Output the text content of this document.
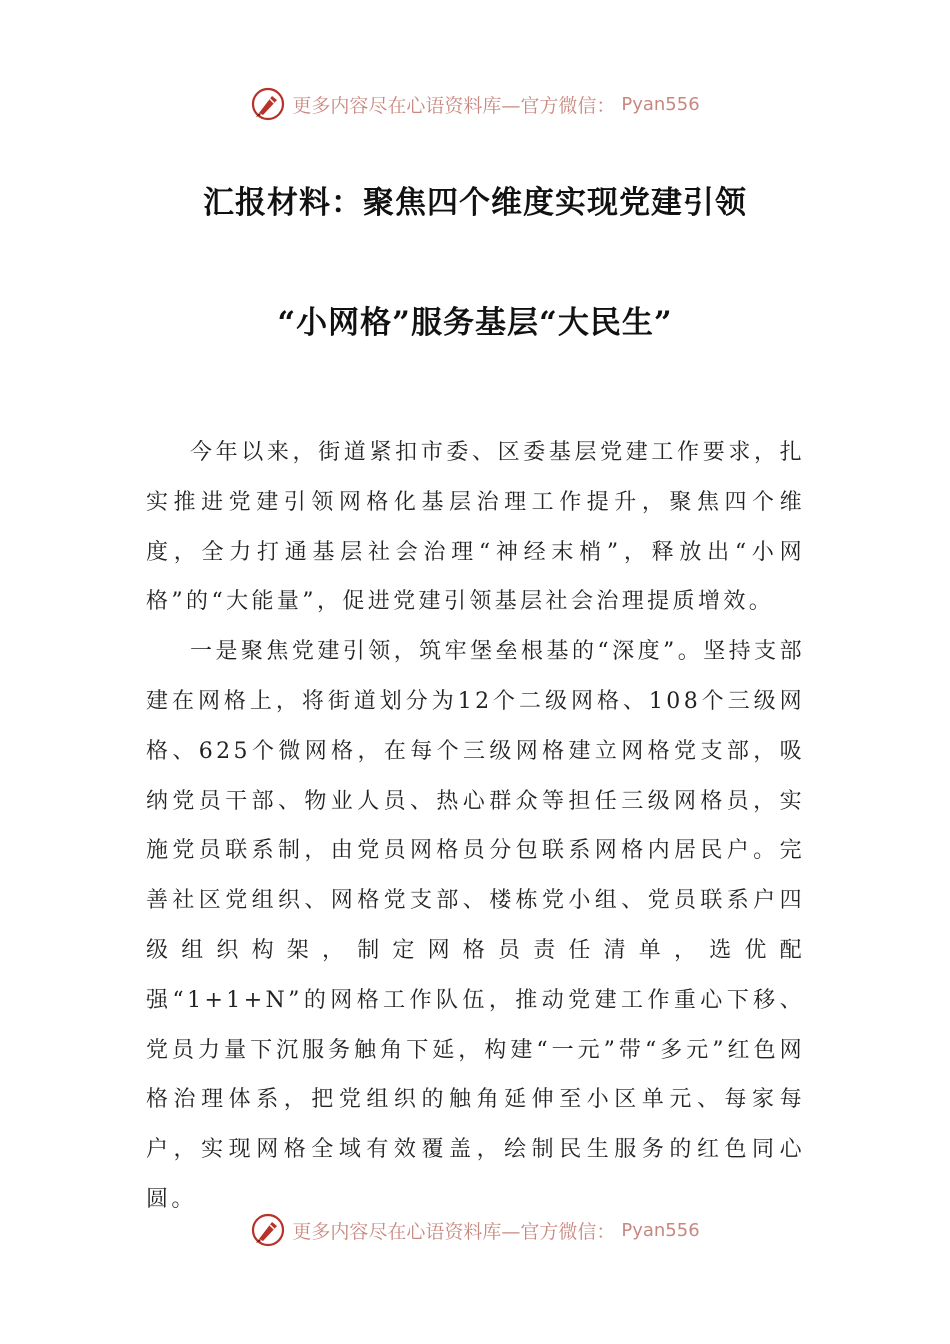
更多内容尽在心语资料库—官方微信： Pyan556
汇报材料：聚焦四个维度实现党建引领
“小网格”服务基层“大民生”

今年以来，街道紧扣市委、区委基层党建工作要求，扎实推进党建引领网格化基层治理工作提升，聚焦四个维度，全力打通基层社会治理“神经末梢”，释放出“小网格”的“大能量”，促进党建引领基层社会治理提质增效。

一是聚焦党建引领，筑牢堡垒根基的“深度”。坚持支部建在网格上，将街道划分为12个二级网格、108个三级网格、625个微网格，在每个三级网格建立网格党支部，吸纳党员干部、物业人员、热心群众等担任三级网格员，实施党员联系制，由党员网格员分包联系网格内居民户。完善社区党组织、网格党支部、楼栋党小组、党员联系户四级组织构架，制定网格员责任清单，选优配强“1+1+N”的网格工作队伍，推动党建工作重心下移、党员力量下沉服务触角下延，构建“一元”带“多元”红色网格治理体系，把党组织的触角延伸至小区单元、每家每户，实现网格全域有效覆盖，绘制民生服务的红色同心圆。

更多内容尽在心语资料库—官方微信： Pyan556
